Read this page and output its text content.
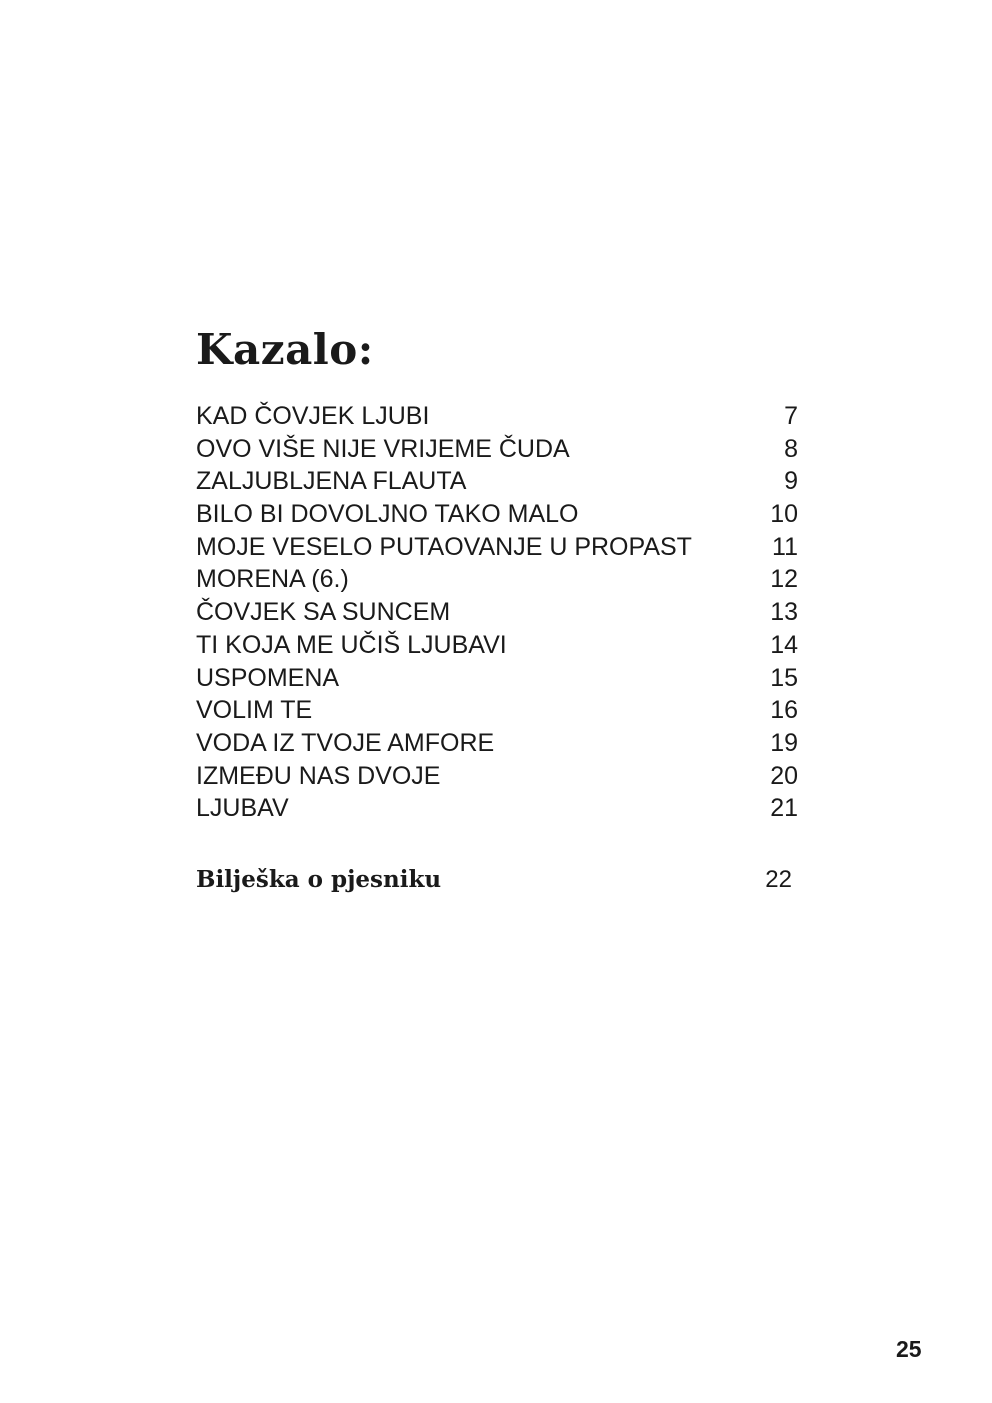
Kazalo:
KAD ČOVJEK LJUBI	7
OVO VIŠE NIJE VRIJEME ČUDA	8
ZALJUBLJENA FLAUTA	9
BILO BI DOVOLJNO TAKO MALO	10
MOJE VESELO PUTAOVANJE U PROPAST	11
MORENA (6.)	12
ČOVJEK SA SUNCEM	13
TI KOJA ME UČIŠ LJUBAVI	14
USPOMENA	15
VOLIM TE	16
VODA IZ TVOJE AMFORE	19
IZMEĐU NAS DVOJE	20
LJUBAV	21
Bilješka o pjesniku	22
25
